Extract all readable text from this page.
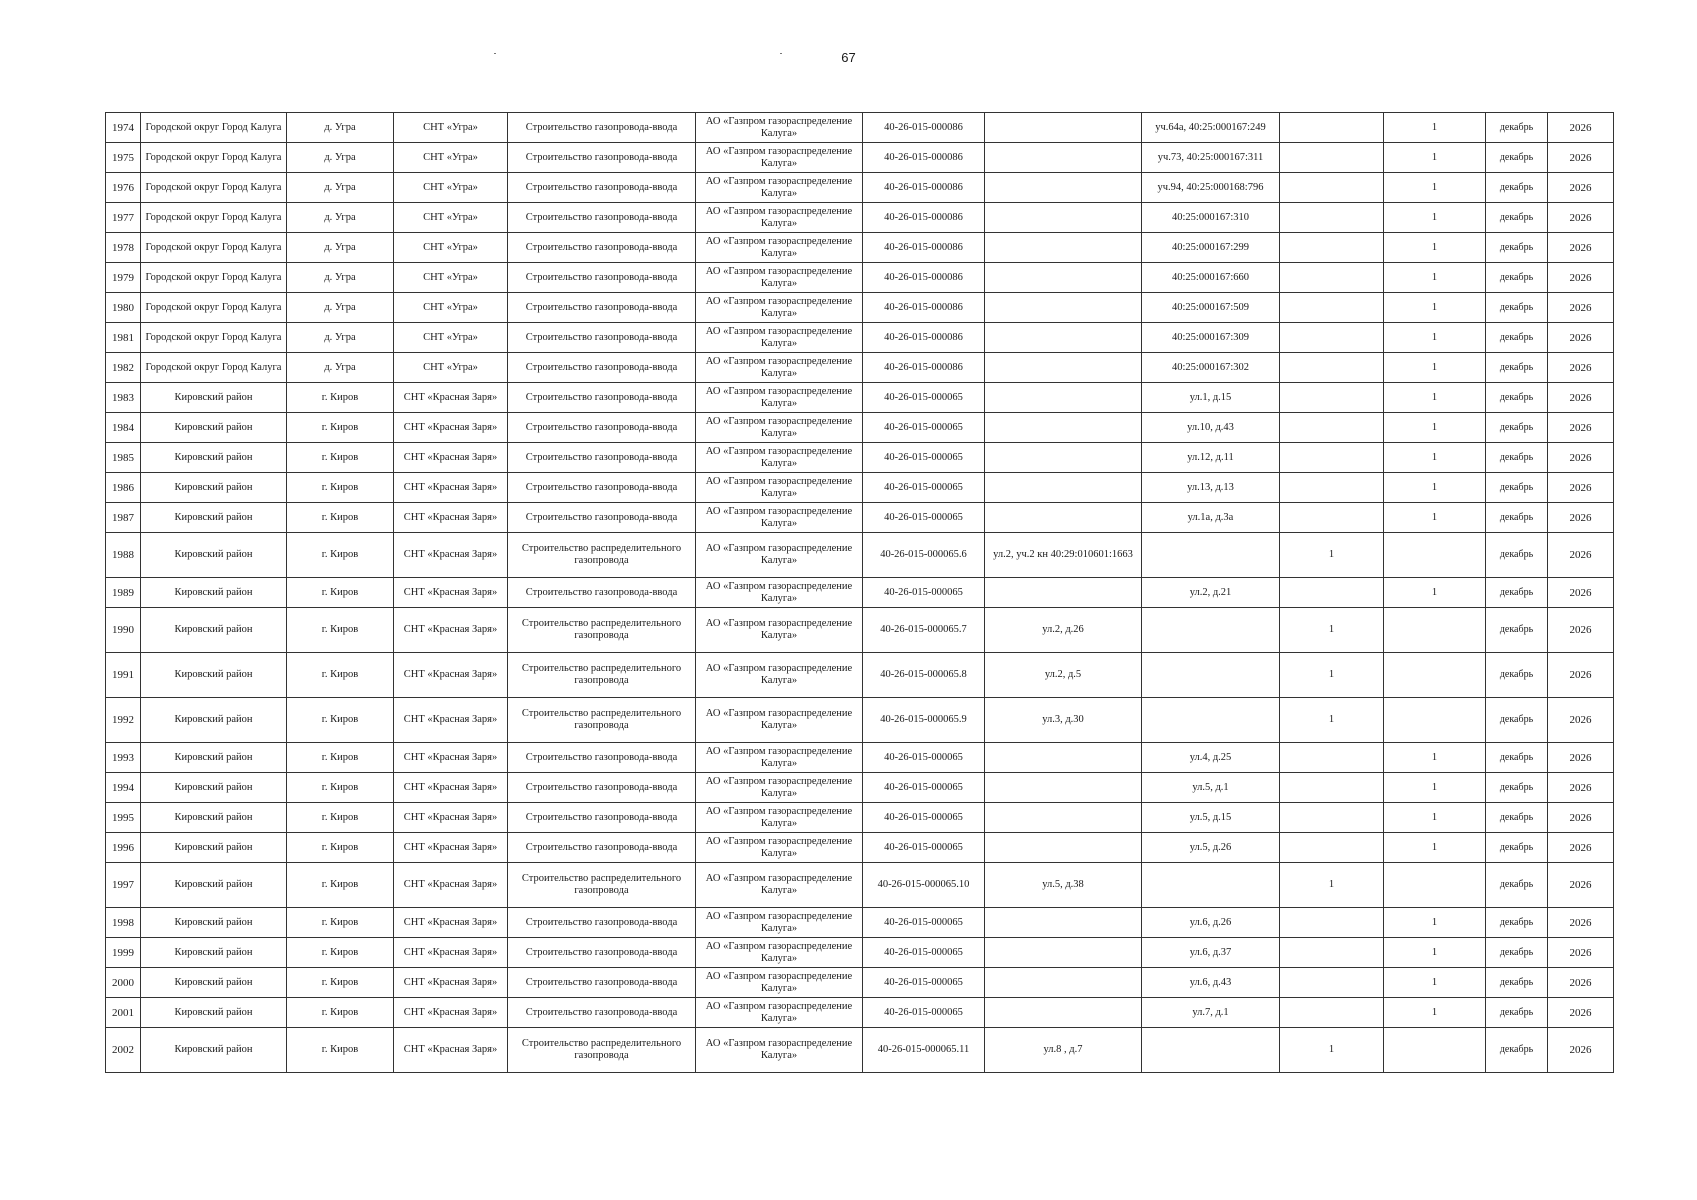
67
1974	Городской округ Город Калуга	д. Угра	СНТ «Угра»	Строительство газопровода-ввода	АО «Газпром газораспределение Калуга»	40-26-015-000086		уч.64а, 40:25:000167:249		1	декабрь	2026
1975	Городской округ Город Калуга	д. Угра	СНТ «Угра»	Строительство газопровода-ввода	АО «Газпром газораспределение Калуга»	40-26-015-000086		уч.73, 40:25:000167:311		1	декабрь	2026
1976	Городской округ Город Калуга	д. Угра	СНТ «Угра»	Строительство газопровода-ввода	АО «Газпром газораспределение Калуга»	40-26-015-000086		уч.94, 40:25:000168:796		1	декабрь	2026
1977	Городской округ Город Калуга	д. Угра	СНТ «Угра»	Строительство газопровода-ввода	АО «Газпром газораспределение Калуга»	40-26-015-000086		40:25:000167:310		1	декабрь	2026
1978	Городской округ Город Калуга	д. Угра	СНТ «Угра»	Строительство газопровода-ввода	АО «Газпром газораспределение Калуга»	40-26-015-000086		40:25:000167:299		1	декабрь	2026
1979	Городской округ Город Калуга	д. Угра	СНТ «Угра»	Строительство газопровода-ввода	АО «Газпром газораспределение Калуга»	40-26-015-000086		40:25:000167:660		1	декабрь	2026
1980	Городской округ Город Калуга	д. Угра	СНТ «Угра»	Строительство газопровода-ввода	АО «Газпром газораспределение Калуга»	40-26-015-000086		40:25:000167:509		1	декабрь	2026
1981	Городской округ Город Калуга	д. Угра	СНТ «Угра»	Строительство газопровода-ввода	АО «Газпром газораспределение Калуга»	40-26-015-000086		40:25:000167:309		1	декабрь	2026
1982	Городской округ Город Калуга	д. Угра	СНТ «Угра»	Строительство газопровода-ввода	АО «Газпром газораспределение Калуга»	40-26-015-000086		40:25:000167:302		1	декабрь	2026
1983	Кировский район	г. Киров	СНТ «Красная Заря»	Строительство газопровода-ввода	АО «Газпром газораспределение Калуга»	40-26-015-000065		ул.1, д.15		1	декабрь	2026
1984	Кировский район	г. Киров	СНТ «Красная Заря»	Строительство газопровода-ввода	АО «Газпром газораспределение Калуга»	40-26-015-000065		ул.10, д.43		1	декабрь	2026
1985	Кировский район	г. Киров	СНТ «Красная Заря»	Строительство газопровода-ввода	АО «Газпром газораспределение Калуга»	40-26-015-000065		ул.12, д.11		1	декабрь	2026
1986	Кировский район	г. Киров	СНТ «Красная Заря»	Строительство газопровода-ввода	АО «Газпром газораспределение Калуга»	40-26-015-000065		ул.13, д.13		1	декабрь	2026
1987	Кировский район	г. Киров	СНТ «Красная Заря»	Строительство газопровода-ввода	АО «Газпром газораспределение Калуга»	40-26-015-000065		ул.1а, д.3а		1	декабрь	2026
1988	Кировский район	г. Киров	СНТ «Красная Заря»	Строительство распределительного газопровода	АО «Газпром газораспределение Калуга»	40-26-015-000065.6	ул.2, уч.2 кн 40:29:010601:1663		1		декабрь	2026
1989	Кировский район	г. Киров	СНТ «Красная Заря»	Строительство газопровода-ввода	АО «Газпром газораспределение Калуга»	40-26-015-000065		ул.2, д.21		1	декабрь	2026
1990	Кировский район	г. Киров	СНТ «Красная Заря»	Строительство распределительного газопровода	АО «Газпром газораспределение Калуга»	40-26-015-000065.7	ул.2, д.26		1		декабрь	2026
1991	Кировский район	г. Киров	СНТ «Красная Заря»	Строительство распределительного газопровода	АО «Газпром газораспределение Калуга»	40-26-015-000065.8	ул.2, д.5		1		декабрь	2026
1992	Кировский район	г. Киров	СНТ «Красная Заря»	Строительство распределительного газопровода	АО «Газпром газораспределение Калуга»	40-26-015-000065.9	ул.3, д.30		1		декабрь	2026
1993	Кировский район	г. Киров	СНТ «Красная Заря»	Строительство газопровода-ввода	АО «Газпром газораспределение Калуга»	40-26-015-000065		ул.4, д.25		1	декабрь	2026
1994	Кировский район	г. Киров	СНТ «Красная Заря»	Строительство газопровода-ввода	АО «Газпром газораспределение Калуга»	40-26-015-000065		ул.5, д.1		1	декабрь	2026
1995	Кировский район	г. Киров	СНТ «Красная Заря»	Строительство газопровода-ввода	АО «Газпром газораспределение Калуга»	40-26-015-000065		ул.5, д.15		1	декабрь	2026
1996	Кировский район	г. Киров	СНТ «Красная Заря»	Строительство газопровода-ввода	АО «Газпром газораспределение Калуга»	40-26-015-000065		ул.5, д.26		1	декабрь	2026
1997	Кировский район	г. Киров	СНТ «Красная Заря»	Строительство распределительного газопровода	АО «Газпром газораспределение Калуга»	40-26-015-000065.10	ул.5, д.38		1		декабрь	2026
1998	Кировский район	г. Киров	СНТ «Красная Заря»	Строительство газопровода-ввода	АО «Газпром газораспределение Калуга»	40-26-015-000065		ул.6, д.26		1	декабрь	2026
1999	Кировский район	г. Киров	СНТ «Красная Заря»	Строительство газопровода-ввода	АО «Газпром газораспределение Калуга»	40-26-015-000065		ул.6, д.37		1	декабрь	2026
2000	Кировский район	г. Киров	СНТ «Красная Заря»	Строительство газопровода-ввода	АО «Газпром газораспределение Калуга»	40-26-015-000065		ул.6, д.43		1	декабрь	2026
2001	Кировский район	г. Киров	СНТ «Красная Заря»	Строительство газопровода-ввода	АО «Газпром газораспределение Калуга»	40-26-015-000065		ул.7, д.1		1	декабрь	2026
2002	Кировский район	г. Киров	СНТ «Красная Заря»	Строительство распределительного газопровода	АО «Газпром газораспределение Калуга»	40-26-015-000065.11	ул.8 , д.7		1		декабрь	2026
